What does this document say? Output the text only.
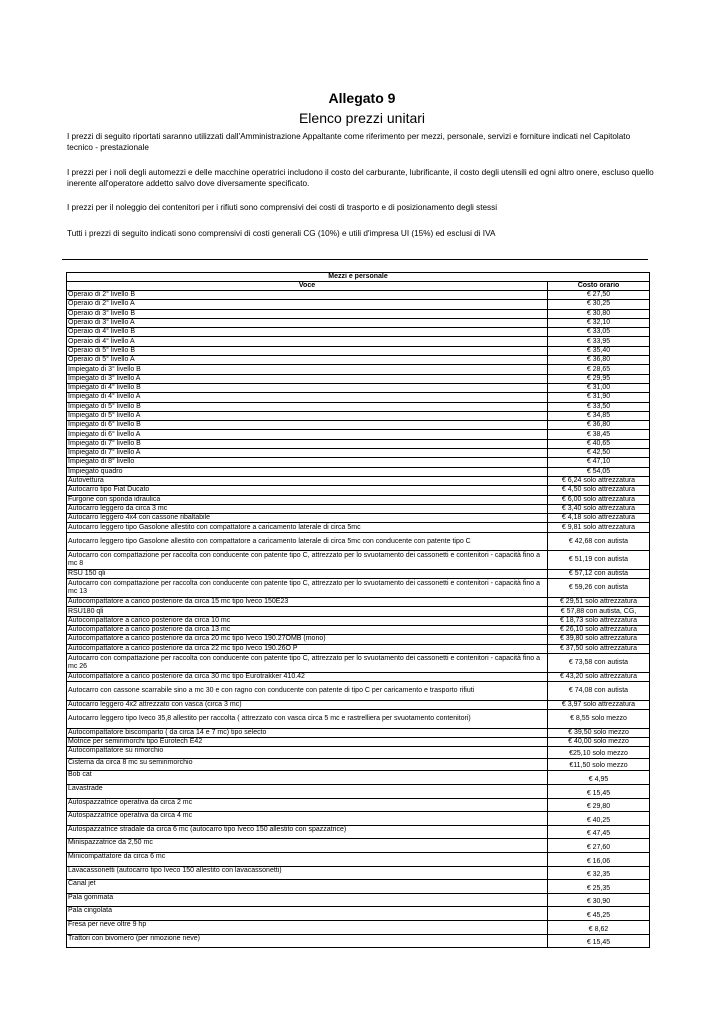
Allegato 9
Elenco prezzi unitari
I prezzi di seguito riportati saranno utilizzati dall'Amministrazione Appaltante come riferimento per mezzi, personale, servizi e forniture indicati nel Capitolato tecnico - prestazionale
I prezzi per i noli degli automezzi e delle macchine operatrici includono il costo del carburante, lubrificante, il costo degli utensili ed ogni altro onere, escluso quello inerente all'operatore addetto salvo dove diversamente specificato.
I prezzi per il noleggio dei contenitori per i rifiuti sono comprensivi dei costi di trasporto e di posizionamento degli stessi
Tutti i prezzi di seguito indicati sono comprensivi di costi generali CG (10%) e utili d'impresa UI (15%) ed esclusi di IVA
Mezzi e personale	
Voce	Costo orario
Operaio di 2° livello B	€ 27,50
Operaio di 2° livello A	€ 30,25
Operaio di 3° livello B	€ 30,80
Operaio di 3° livello A	€ 32,10
Operaio di 4° livello B	€ 33,05
Operaio di 4° livello A	€ 33,95
Operaio di 5° livello B	€ 35,40
Operaio di 5° livello A	€ 36,80
Impiegato di 3° livello B	€ 28,65
Impiegato di 3° livello A	€ 29,95
Impiegato di 4° livello B	€ 31,00
Impiegato di 4° livello A	€ 31,90
Impiegato di 5° livello B	€ 33,50
Impiegato di 5° livello A	€ 34,85
Impiegato di 6° livello B	€ 36,80
Impiegato di 6° livello A	€ 38,45
Impiegato di 7° livello B	€ 40,65
Impiegato di 7° livello A	€ 42,50
Impiegato di 8° livello	€ 47,10
Impiegato quadro	€ 54,05
Autovettura	€ 6,24 solo attrezzatura
Autocarro tipo Fiat Ducato	€ 4,50 solo attrezzatura
Furgone con sponda idraulica	€ 6,00 solo attrezzatura
Autocarro leggero da circa 3 mc	€ 3,40 solo attrezzatura
Autocarro leggero 4x4 con cassone ribaltabile	€ 4,18 solo attrezzatura
Autocarro leggero tipo Gasolone allestito con compattatore a caricamento laterale di circa 5mc	€ 9,81 solo attrezzatura
Autocarro leggero tipo Gasolone allestito con compattatore a caricamento laterale di circa 5mc con conducente con patente tipo C	€ 42,68 con autista
Autocarro con compattazione per raccolta con conducente con patente tipo C, attrezzato per lo svuotamento dei cassonetti e contenitori - capacità fino a mc 8	€ 51,19 con autista
RSU 150 qli	€ 57,12 con autista
Autocarro con compattazione per raccolta con conducente con patente tipo C, attrezzato per lo svuotamento dei cassonetti e contenitori - capacità fino a mc 13	€ 59,26 con autista
Autocompattatore a carico posteriore da circa 15 mc tipo Iveco 150E23	€ 29,51 solo attrezzatura
RSU180 qli	€ 57,88 con autista, CG,
Autocompattatore a carico posteriore da circa 10 mc	€ 18,73 solo attrezzatura
Autocompattatore a carico posteriore da circa 13 mc	€ 26,10 solo attrezzatura
Autocompattatore a carico posteriore da circa 20 mc tipo Iveco 190.27OMB (mono)	€ 39,80 solo attrezzatura
Autocompattatore a carico posteriore da circa 22 mc tipo Iveco 190.26O P	€ 37,50 solo attrezzatura
Autocarro con compattazione per raccolta con conducente con patente tipo C, attrezzato per lo svuotamento dei cassonetti e contenitori - capacità fino a mc 26	€ 73,58 con autista
Autocompattatore a carico posteriore da circa 30 mc tipo Eurotrakker 410.42	€ 43,20 solo attrezzatura
Autocarro con cassone scarrabile sino a mc 30 e con ragno con conducente con patente di tipo C per caricamento e trasporto rifiuti	€ 74,08 con autista
Autocarro leggero 4x2 attrezzato con vasca (circa 3 mc)	€ 3,97 solo attrezzatura
Autocarro leggero tipo Iveco 35,8 allestito per raccolta ( attrezzato con vasca circa 5 mc e rastrelliera per svuotamento contenitori)	€ 8,55 solo mezzo
Autocompattatore biscomparto ( da circa 14 e 7 mc) tipo selecto	€ 39,50 solo mezzo
Motrice per semirimorchi tipo Eurotech E42	€ 40,00 solo mezzo
Autocompattatore su rimorchio	€25,10 solo mezzo
Cisterna da circa 8 mc su semirimorchio	€11,50 solo mezzo
Bob cat	€ 4,95
Lavastrade	€ 15,45
Autospazzatrice operativa da circa 2 mc	€ 29,80
Autospazzatrice operativa da circa 4 mc	€ 40,25
Autospazzatrice stradale da circa 6 mc (autocarro tipo Iveco 150 allestito con spazzatrice)	€ 47,45
Minispazzatrice da 2,50 mc	€ 27,60
Minicompattatore da circa 6 mc	€ 16,06
Lavacassonetti (autocarro tipo Iveco 150 allestito con lavacassonetti)	€ 32,35
Canal jet	€ 25,35
Pala gommata	€ 30,90
Pala cingolata	€ 45,25
Fresa per neve oltre 9 hp	€ 8,62
Trattori con bivomero (per rimozione neve)	€ 15,45
